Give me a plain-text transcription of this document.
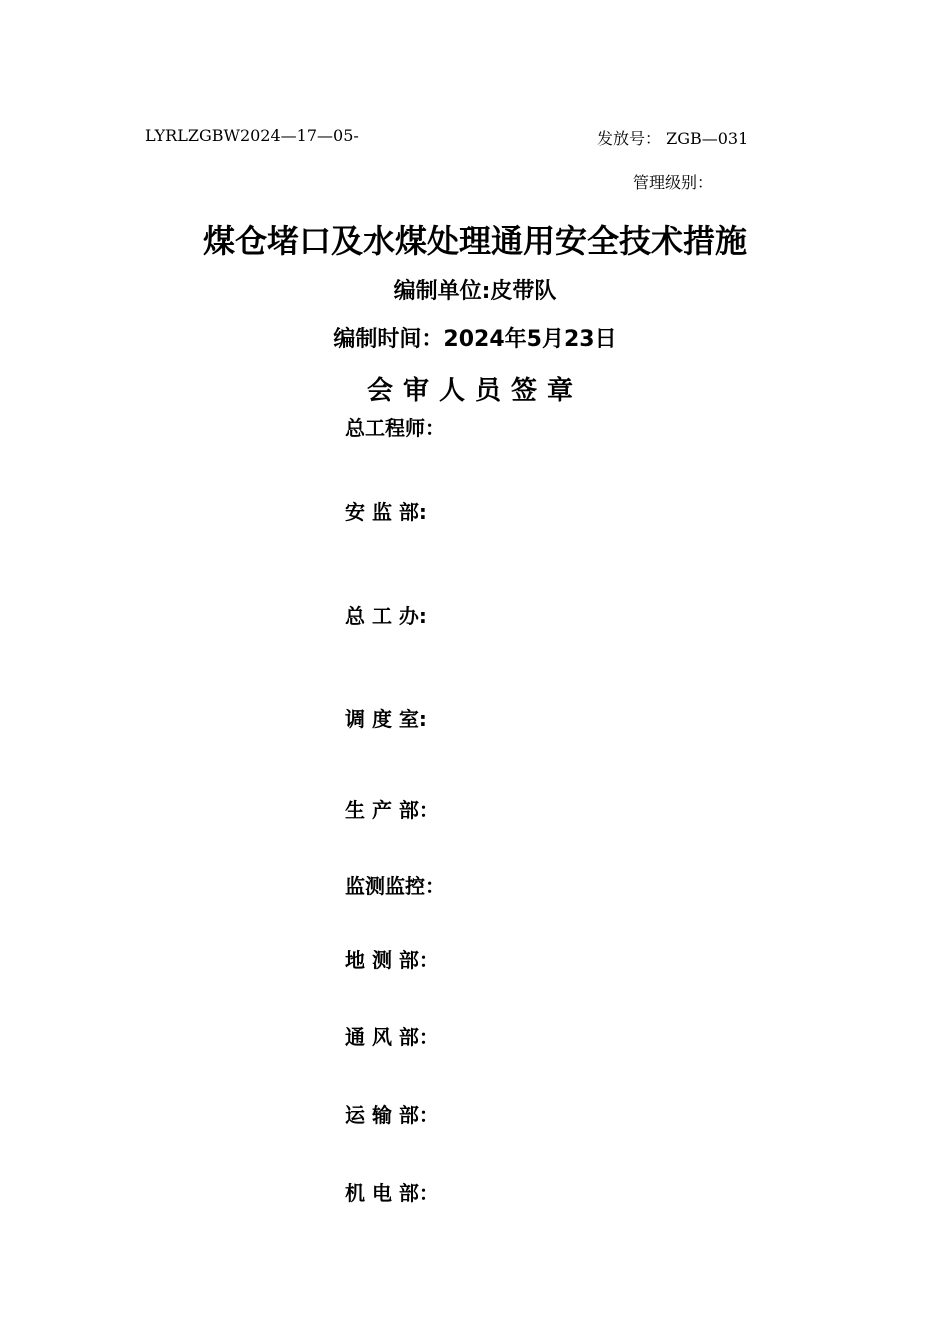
LYRLZGBW2024—17—05-	发放号： ZGB—031
管理级别：
煤仓堵口及水煤处理通用安全技术措施
编制单位:皮带队
编制时间：2024年5月23日
会审人员签章
总工程师：
安 监 部:
总 工 办:
调 度 室:
生 产 部：
监测监控：
地 测 部：
通 风 部：
运 输 部：
机 电 部：
